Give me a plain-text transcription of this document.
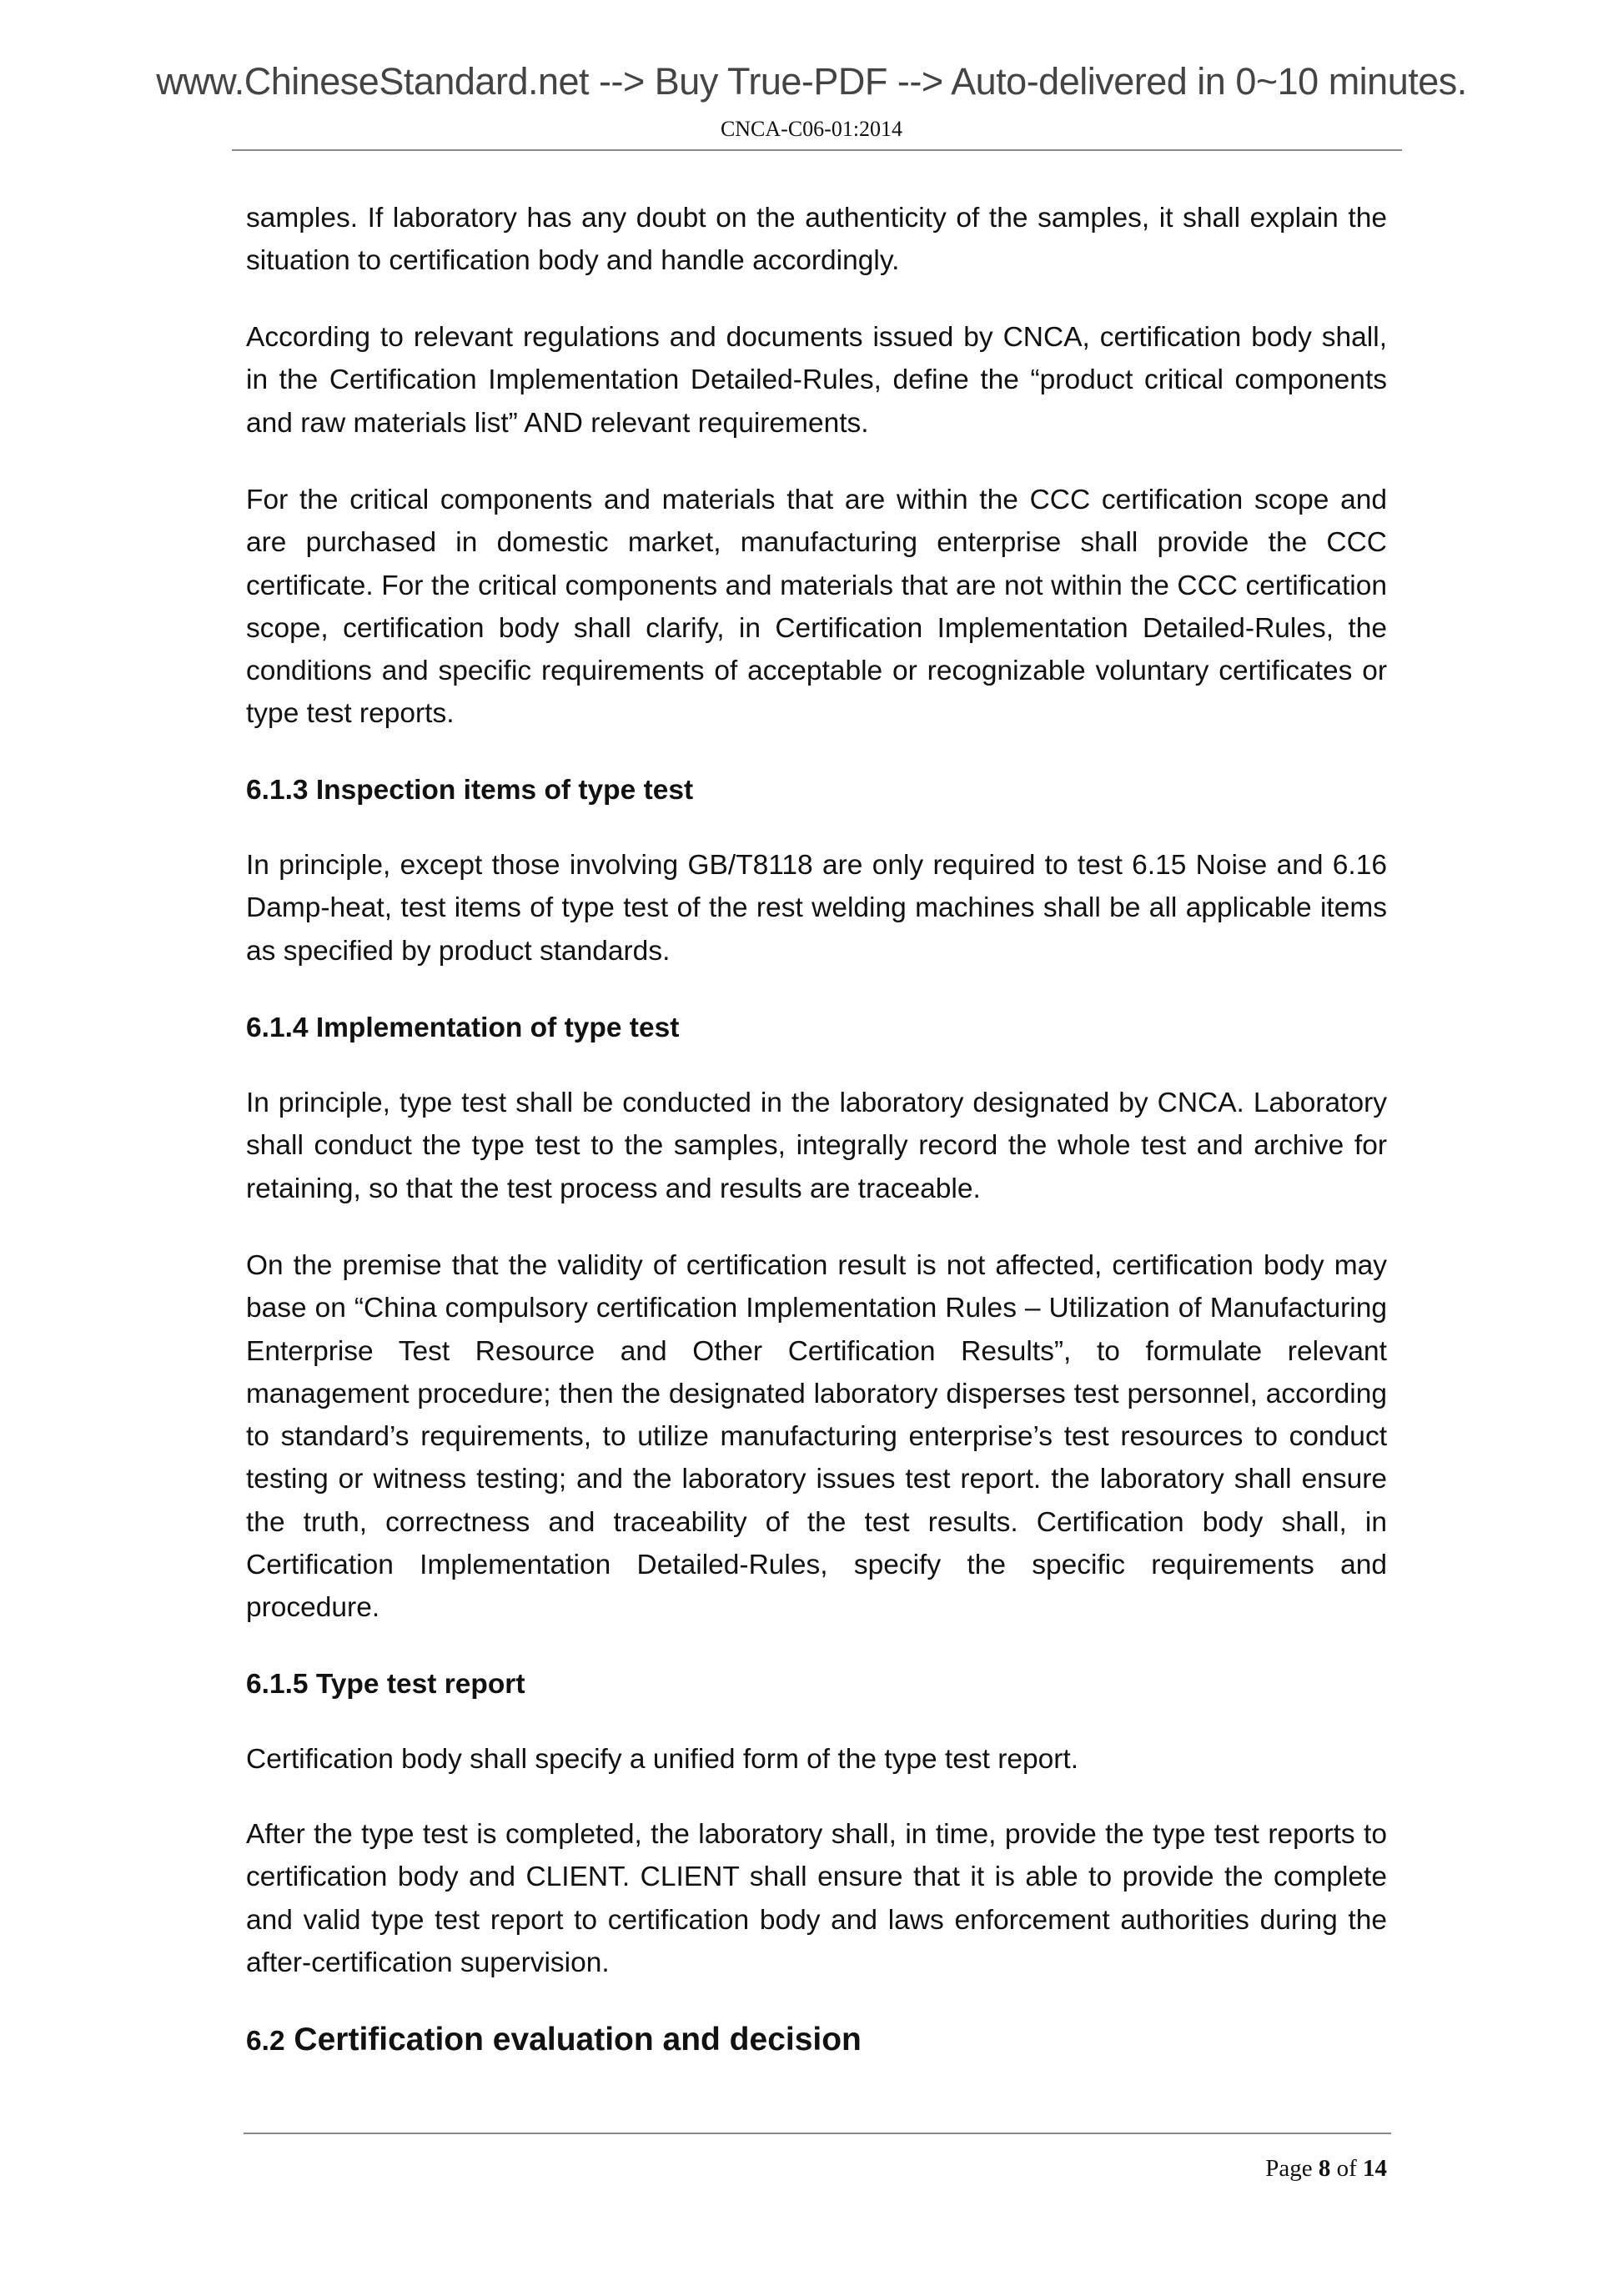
www.ChineseStandard.net --> Buy True-PDF --> Auto-delivered in 0~10 minutes.
CNCA-C06-01:2014
samples. If laboratory has any doubt on the authenticity of the samples, it shall explain the situation to certification body and handle accordingly.
According to relevant regulations and documents issued by CNCA, certification body shall, in the Certification Implementation Detailed-Rules, define the “product critical components and raw materials list” AND relevant requirements.
For the critical components and materials that are within the CCC certification scope and are purchased in domestic market, manufacturing enterprise shall provide the CCC certificate. For the critical components and materials that are not within the CCC certification scope, certification body shall clarify, in Certification Implementation Detailed-Rules, the conditions and specific requirements of acceptable or recognizable voluntary certificates or type test reports.
6.1.3 Inspection items of type test
In principle, except those involving GB/T8118 are only required to test 6.15 Noise and 6.16 Damp-heat, test items of type test of the rest welding machines shall be all applicable items as specified by product standards.
6.1.4 Implementation of type test
In principle, type test shall be conducted in the laboratory designated by CNCA. Laboratory shall conduct the type test to the samples, integrally record the whole test and archive for retaining, so that the test process and results are traceable.
On the premise that the validity of certification result is not affected, certification body may base on “China compulsory certification Implementation Rules – Utilization of Manufacturing Enterprise Test Resource and Other Certification Results”, to formulate relevant management procedure; then the designated laboratory disperses test personnel, according to standard’s requirements, to utilize manufacturing enterprise’s test resources to conduct testing or witness testing; and the laboratory issues test report. the laboratory shall ensure the truth, correctness and traceability of the test results. Certification body shall, in Certification Implementation Detailed-Rules, specify the specific requirements and procedure.
6.1.5 Type test report
Certification body shall specify a unified form of the type test report.
After the type test is completed, the laboratory shall, in time, provide the type test reports to certification body and CLIENT. CLIENT shall ensure that it is able to provide the complete and valid type test report to certification body and laws enforcement authorities during the after-certification supervision.
6.2 Certification evaluation and decision
Page 8 of 14
